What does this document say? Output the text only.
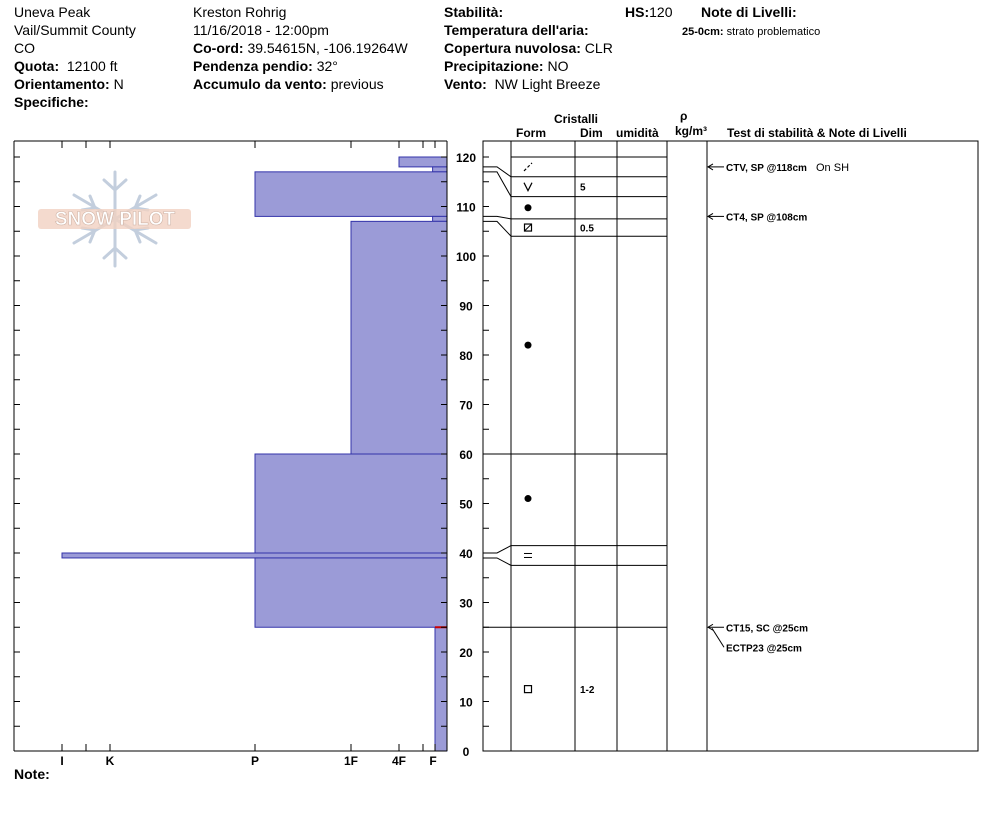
Uneva Peak
Vail/Summit County
CO
Quota: 12100 ft
Orientamento: N
Specifiche:
Kreston Rohrig
11/16/2018 - 12:00pm
Co-ord: 39.54615N, -106.19264W
Pendenza pendio: 32°
Accumulo da vento: previous
Stabilità:
Temperatura dell'aria:
Copertura nuvolosa: CLR
Precipitazione: NO
Vento: NW Light Breeze
HS:120 Note di Livelli:
25-0cm: strato problematico
Cristalli
Form	Dim umidità
ρ
kg/m³ Test di stabilità & Note di Livelli
Note:
SNOW PILOT
I	K	P	1F	4F F
0
10
20
30
40
50
60
70
80
90
100
110
120
5
0.5
1-2
CTV, SP @118cm On SH
CT4, SP @108cm
CT15, SC @25cm
ECTP23 @25cm
